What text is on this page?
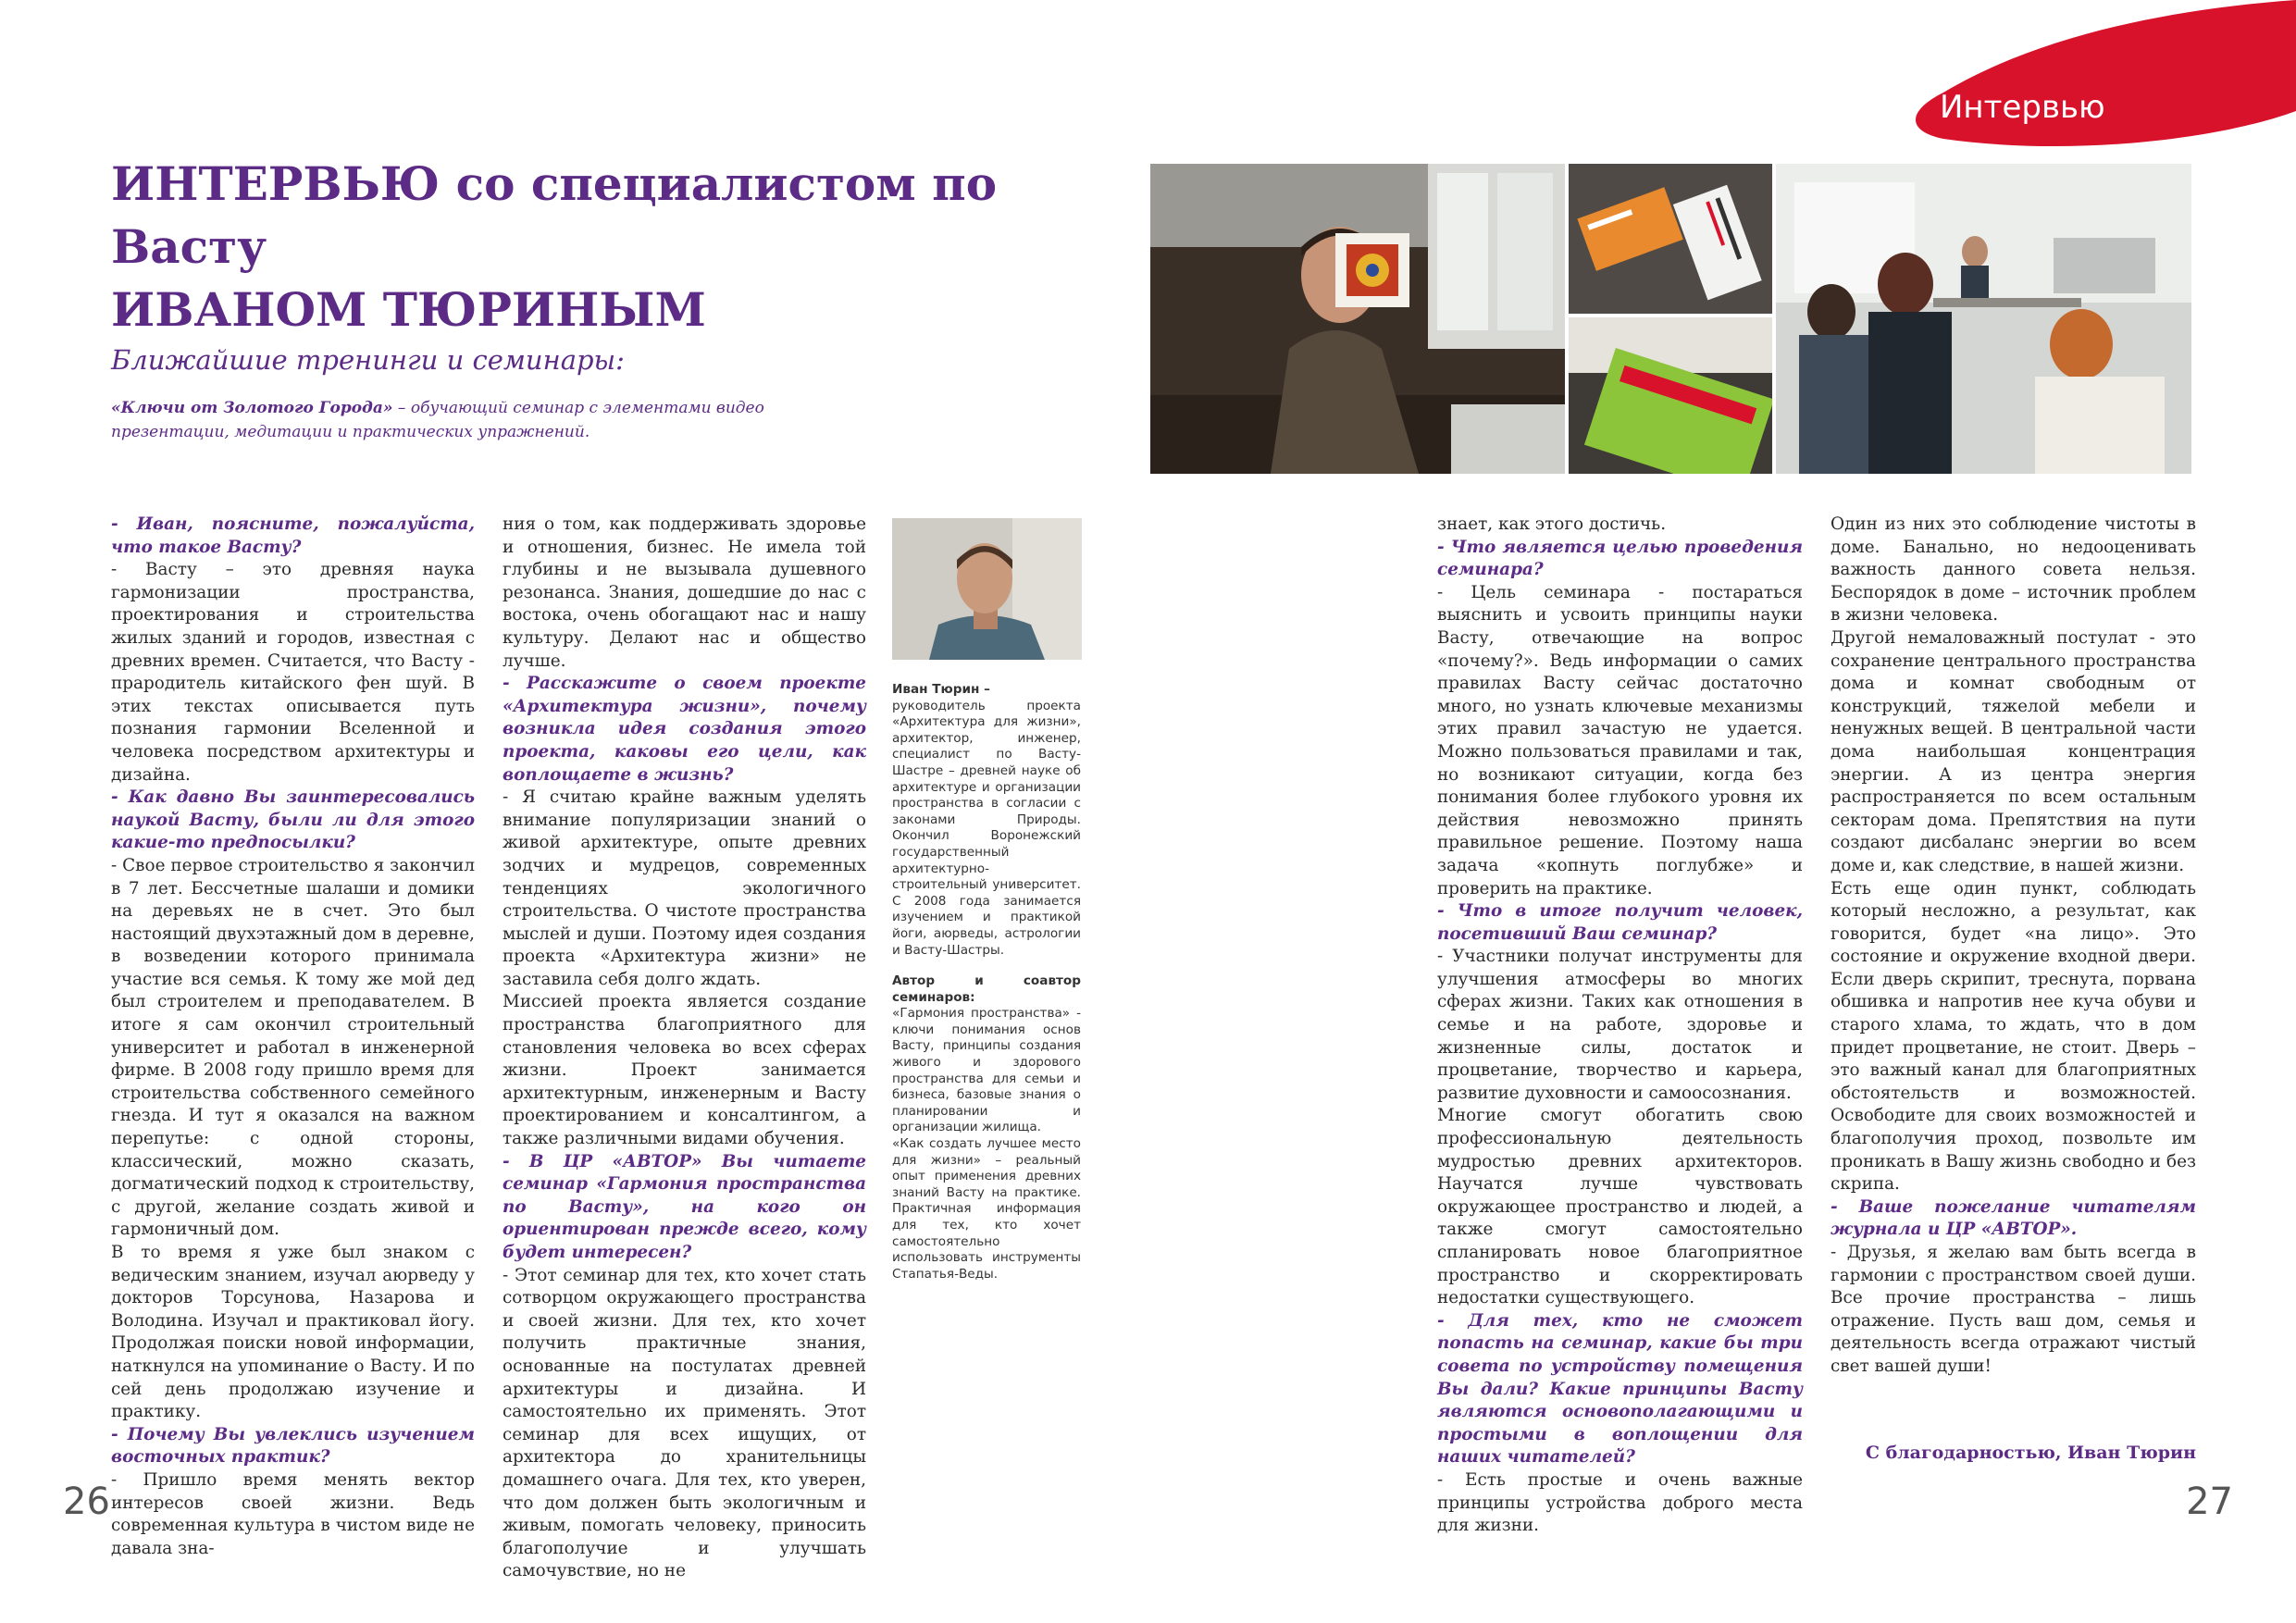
Интервью
ИНТЕРВЬЮ со специалистом по Васту
ИВАНОМ ТЮРИНЫМ
Ближайшие тренинги и семинары:
«Ключи от Золотого Города» – обучающий семинар с элементами видео презентации, медитации и практических упражнений.

Иван Тюрин –

руководитель проекта «Архитектура для жизни», архитектор, инженер, специалист по Васту-Шастре – древней науке об архитектуре и организации пространства в согласии с законами Природы. Окончил Воронежский государственный архитектурно-строительный университет. С 2008 года занимается изучением и практикой йоги, аюрведы, астрологии и Васту-Шастры.

Автор и соавтор семинаров:

«Гармония пространства» - ключи понимания основ Васту, принципы создания живого и здорового пространства для семьи и бизнеса, базовые знания о планировании и организации жилища.

«Как создать лучшее место для жизни» – реальный опыт применения древних знаний Васту на практике. Практичная информация для тех, кто хочет самостоятельно использовать инструменты Стапатья-Веды.

- Иван, поясните, пожалуйста, что такое Васту?

- Васту – это древняя наука гармонизации пространства, проектирования и строительства жилых зданий и городов, известная с древних времен. Считается, что Васту - прародитель китайского фен шуй. В этих текстах описывается путь познания гармонии Вселенной и человека посредством архитектуры и дизайна.

- Как давно Вы заинтересовались наукой Васту, были ли для этого какие-то предпосылки?

- Свое первое строительство я закончил в 7 лет. Бессчетные шалаши и домики на деревьях не в счет. Это был настоящий двухэтажный дом в деревне, в возведении которого принимала участие вся семья. К тому же мой дед был строителем и преподавателем. В итоге я сам окончил строительный университет и работал в инженерной фирме. В 2008 году пришло время для строительства собственного семейного гнезда. И тут я оказался на важном перепутье: с одной стороны, классический, можно сказать, догматический подход к строительству, с другой, желание создать живой и гармоничный дом.

В то время я уже был знаком с ведическим знанием, изучал аюрведу у докторов Торсунова, Назарова и Володина. Изучал и практиковал йогу. Продолжая поиски новой информации, наткнулся на упоминание о Васту. И по сей день продолжаю изучение и практику.

- Почему Вы увлеклись изучением восточных практик?

- Пришло время менять вектор интересов своей жизни. Ведь современная культура в чистом виде не давала зна-

ния о том, как поддерживать здоровье и отношения, бизнес. Не имела той глубины и не вызывала душевного резонанса. Знания, дошедшие до нас с востока, очень обогащают нас и нашу культуру. Делают нас и общество лучше.

- Расскажите о своем проекте «Архитектура жизни», почему возникла идея создания этого проекта, каковы его цели, как воплощаете в жизнь?

- Я считаю крайне важным уделять внимание популяризации знаний о живой архитектуре, опыте древних зодчих и мудрецов, современных тенденциях экологичного строительства. О чистоте пространства мыслей и души. Поэтому идея создания проекта «Архитектура жизни» не заставила себя долго ждать.

Миссией проекта является создание пространства благоприятного для становления человека во всех сферах жизни. Проект занимается архитектурным, инженерным и Васту проектированием и консалтингом, а также различными видами обучения.

- В ЦР «АВТОР» Вы читаете семинар «Гармония пространства по Васту», на кого он ориентирован прежде всего, кому будет интересен?

- Этот семинар для тех, кто хочет стать сотворцом окружающего пространства и своей жизни. Для тех, кто хочет получить практичные знания, основанные на постулатах древней архитектуры и дизайна. И самостоятельно их применять. Этот семинар для всех ищущих, от архитектора до хранительницы домашнего очага. Для тех, кто уверен, что дом должен быть экологичным и живым, помогать человеку, приносить благополучие и улучшать самочувствие, но не

знает, как этого достичь.

- Что является целью проведения семинара?

- Цель семинара - постараться выяснить и усвоить принципы науки Васту, отвечающие на вопрос «почему?». Ведь информации о самих правилах Васту сейчас достаточно много, но узнать ключевые механизмы этих правил зачастую не удается. Можно пользоваться правилами и так, но возникают ситуации, когда без понимания более глубокого уровня их действия невозможно принять правильное решение. Поэтому наша задача «копнуть поглубже» и проверить на практике.

- Что в итоге получит человек, посетивший Ваш семинар?

- Участники получат инструменты для улучшения атмосферы во многих сферах жизни. Таких как отношения в семье и на работе, здоровье и жизненные силы, достаток и процветание, творчество и карьера, развитие духовности и самоосознания.

Многие смогут обогатить свою профессиональную деятельность мудростью древних архитекторов. Научатся лучше чувствовать окружающее пространство и людей, а также смогут самостоятельно спланировать новое благоприятное пространство и скорректировать недостатки существующего.

- Для тех, кто не сможет попасть на семинар, какие бы три совета по устройству помещения Вы дали? Какие принципы Васту являются основополагающими и простыми в воплощении для наших читателей?

- Есть простые и очень важные принципы устройства доброго места для жизни.

Один из них это соблюдение чистоты в доме. Банально, но недооценивать важность данного совета нельзя. Беспорядок в доме – источник проблем в жизни человека.

Другой немаловажный постулат - это сохранение центрального пространства дома и комнат свободным от конструкций, тяжелой мебели и ненужных вещей. В центральной части дома наибольшая концентрация энергии. А из центра энергия распространяется по всем остальным секторам дома. Препятствия на пути создают дисбаланс энергии во всем доме и, как следствие, в нашей жизни.

Есть еще один пункт, соблюдать который несложно, а результат, как говорится, будет «на лицо». Это состояние и окружение входной двери. Если дверь скрипит, треснута, порвана обшивка и напротив нее куча обуви и старого хлама, то ждать, что в дом придет процветание, не стоит. Дверь – это важный канал для благоприятных обстоятельств и возможностей. Освободите для своих возможностей и благополучия проход, позвольте им проникать в Вашу жизнь свободно и без скрипа.

- Ваше пожелание читателям журнала и ЦР «АВТОР».

- Друзья, я желаю вам быть всегда в гармонии с пространством своей души. Все прочие пространства – лишь отражение. Пусть ваш дом, семья и деятельность всегда отражают чистый свет вашей души!

С благодарностью, Иван Тюрин
26	27
